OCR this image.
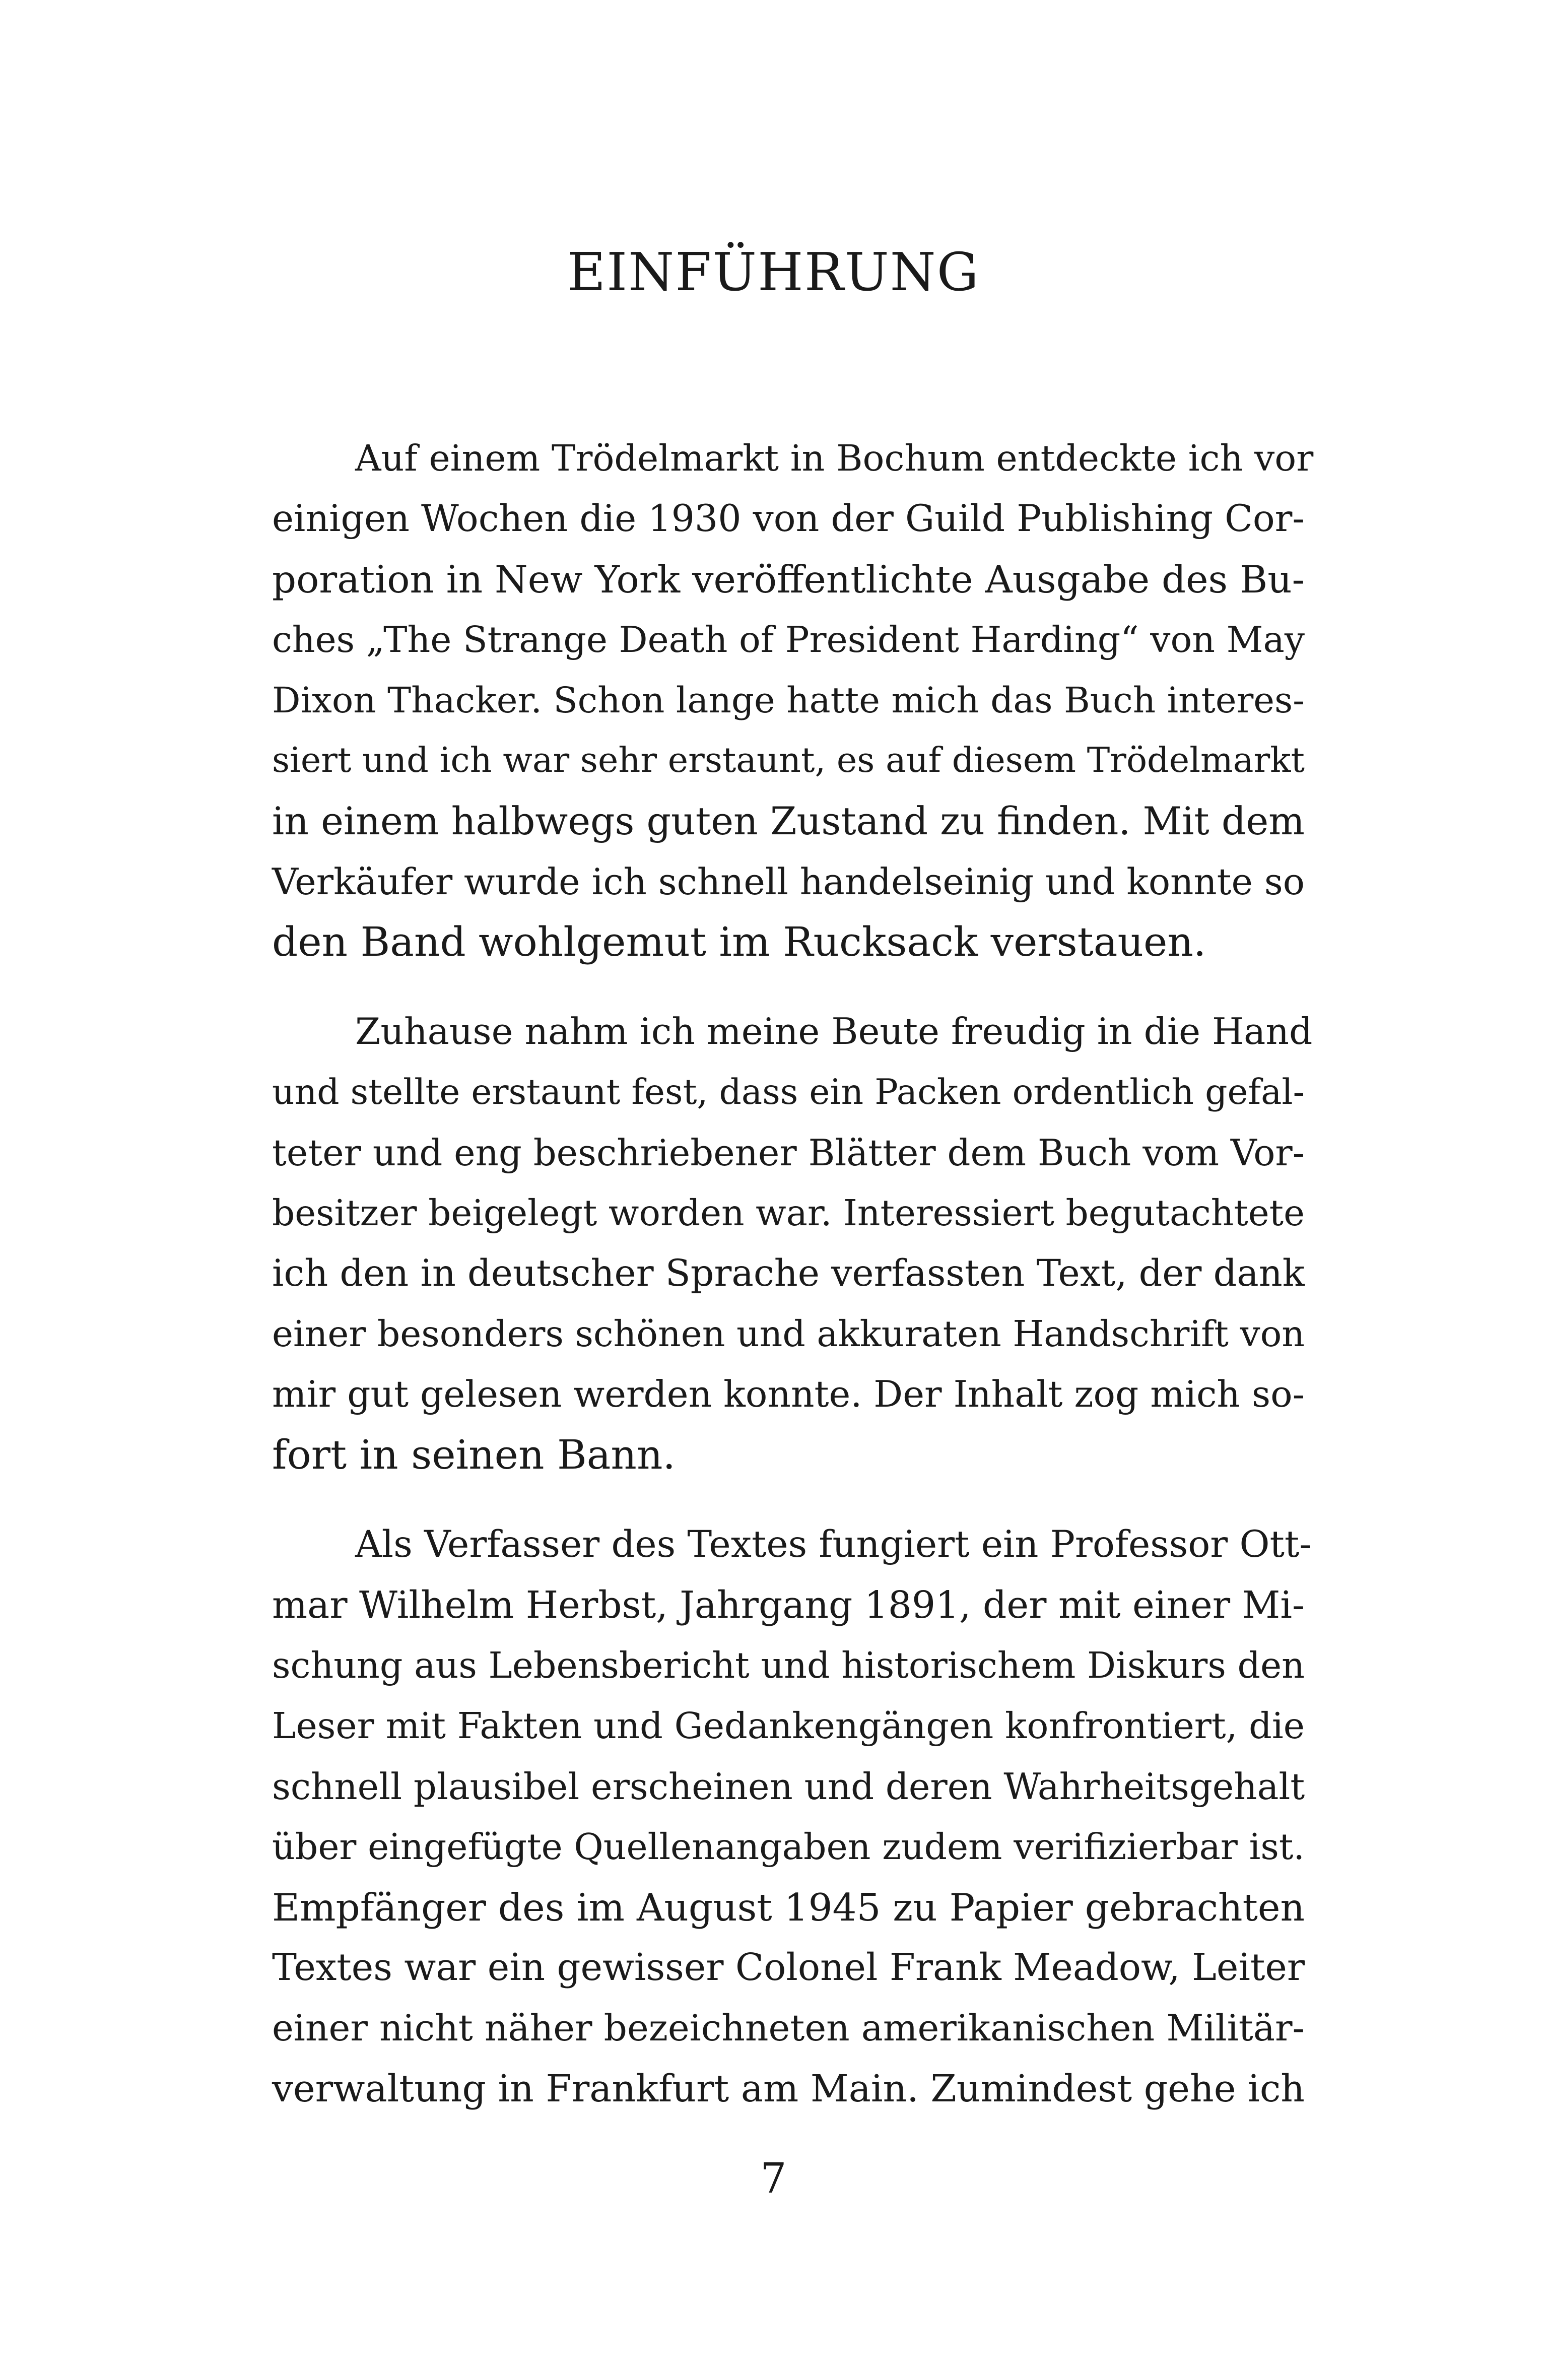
EINFÜHRUNG

Auf einem Trödelmarkt in Bochum entdeckte ich vor
einigen Wochen die 1930 von der Guild Publishing Cor-
poration in New York veröffentlichte Ausgabe des Bu-
ches „The Strange Death of President Harding“ von May
Dixon Thacker. Schon lange hatte mich das Buch interes-
siert und ich war sehr erstaunt, es auf diesem Trödelmarkt
in einem halbwegs guten Zustand zu finden. Mit dem
Verkäufer wurde ich schnell handelseinig und konnte so
den Band wohlgemut im Rucksack verstauen.

Zuhause nahm ich meine Beute freudig in die Hand
und stellte erstaunt fest, dass ein Packen ordentlich gefal-
teter und eng beschriebener Blätter dem Buch vom Vor-
besitzer beigelegt worden war. Interessiert begutachtete
ich den in deutscher Sprache verfassten Text, der dank
einer besonders schönen und akkuraten Handschrift von
mir gut gelesen werden konnte. Der Inhalt zog mich so-
fort in seinen Bann.

Als Verfasser des Textes fungiert ein Professor Ott-
mar Wilhelm Herbst, Jahrgang 1891, der mit einer Mi-
schung aus Lebensbericht und historischem Diskurs den
Leser mit Fakten und Gedankengängen konfrontiert, die
schnell plausibel erscheinen und deren Wahrheitsgehalt
über eingefügte Quellenangaben zudem verifizierbar ist.
Empfänger des im August 1945 zu Papier gebrachten
Textes war ein gewisser Colonel Frank Meadow, Leiter
einer nicht näher bezeichneten amerikanischen Militär-
verwaltung in Frankfurt am Main. Zumindest gehe ich

7
